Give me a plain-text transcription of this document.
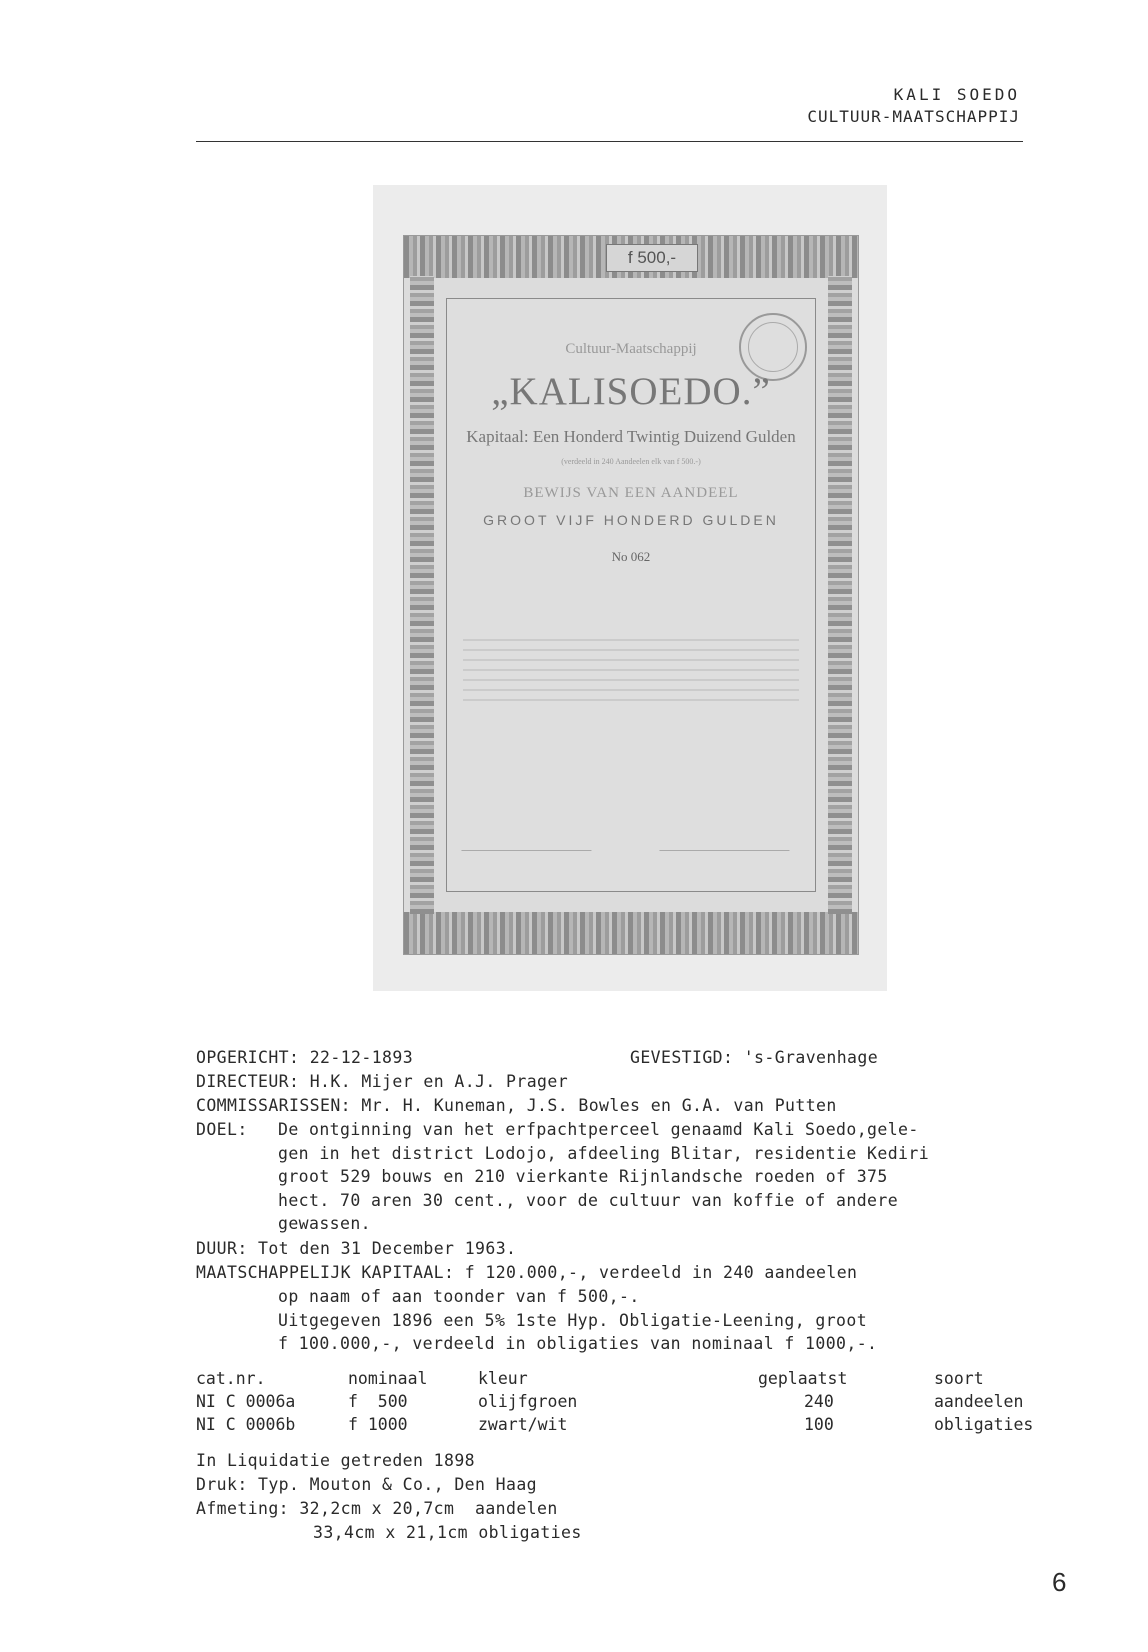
KALI SOEDO
CULTUUR-MAATSCHAPPIJ
f 500,-
Cultuur-Maatschappij
„KALISOEDO.”
Kapitaal: Een Honderd Twintig Duizend Gulden
(verdeeld in 240 Aandeelen elk van f 500.-)
BEWIJS VAN EEN AANDEEL
GROOT VIJF HONDERD GULDEN
No 062
OPGERICHT: 22-12-1893	GEVESTIGD: 's-Gravenhage
DIRECTEUR: H.K. Mijer en A.J. Prager
COMMISSARISSEN: Mr. H. Kuneman, J.S. Bowles en G.A. van Putten
DOEL: De ontginning van het erfpachtperceel genaamd Kali Soedo,gele-
gen in het district Lodojo, afdeeling Blitar, residentie Kediri
groot 529 bouws en 210 vierkante Rijnlandsche roeden of 375
hect. 70 aren 30 cent., voor de cultuur van koffie of andere
gewassen.
DUUR: Tot den 31 December 1963.
MAATSCHAPPELIJK KAPITAAL: f 120.000,-, verdeeld in 240 aandeelen
op naam of aan toonder van f 500,-.
Uitgegeven 1896 een 5% 1ste Hyp. Obligatie-Leening, groot
f 100.000,-, verdeeld in obligaties van nominaal f 1000,-.
cat.nr.	nominaal	kleur	geplaatst	soort
NI C 0006a	f  500	olijfgroen	240	aandeelen
NI C 0006b	f 1000	zwart/wit	100	obligaties
In Liquidatie getreden 1898
Druk: Typ. Mouton & Co., Den Haag
Afmeting: 32,2cm x 20,7cm  aandelen
33,4cm x 21,1cm obligaties
6
